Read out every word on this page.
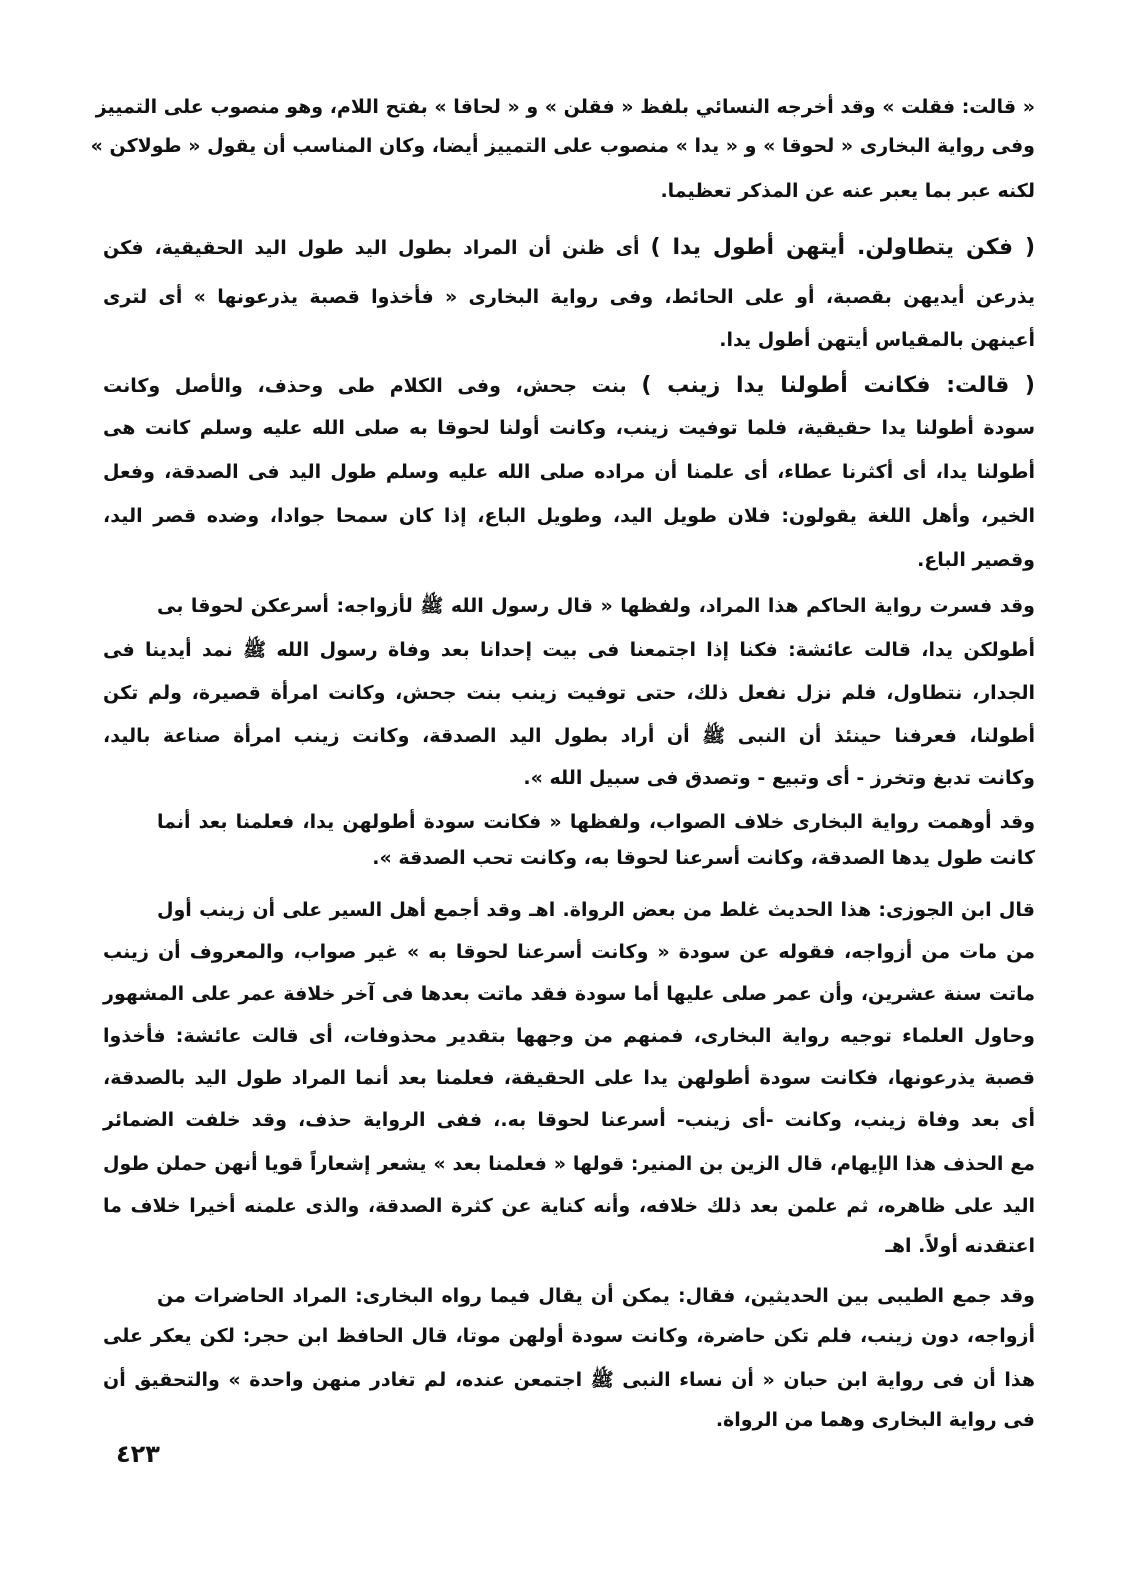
« قالت: فقلت » وقد أخرجه النسائي بلفظ « فقلن » و « لحاقا » بفتح اللام، وهو منصوب على التمييز
وفى رواية البخارى « لحوقا » و « يدا » منصوب على التمييز أيضا، وكان المناسب أن يقول « طولاكن »
لكنه عبر بما يعبر عنه عن المذكر تعظيما.
( فكن يتطاولن. أيتهن أطول يدا ) أى ظنن أن المراد بطول اليد طول اليد الحقيقية، فكن
يذرعن أيديهن بقصبة، أو على الحائط، وفى رواية البخارى « فأخذوا قصبة يذرعونها » أى لترى
أعينهن بالمقياس أيتهن أطول يدا.
( قالت: فكانت أطولنا يدا زينب ) بنت جحش، وفى الكلام طى وحذف، والأصل وكانت
سودة أطولنا يدا حقيقية، فلما توفيت زينب، وكانت أولنا لحوقا به صلى الله عليه وسلم كانت هى
أطولنا يدا، أى أكثرنا عطاء، أى علمنا أن مراده صلى الله عليه وسلم طول اليد فى الصدقة، وفعل
الخير، وأهل اللغة يقولون: فلان طويل اليد، وطويل الباع، إذا كان سمحا جوادا، وضده قصر اليد،
وقصير الباع.
وقد فسرت رواية الحاكم هذا المراد، ولفظها « قال رسول الله ﷺ لأزواجه: أسرعكن لحوقا بى
أطولكن يدا، قالت عائشة: فكنا إذا اجتمعنا فى بيت إحدانا بعد وفاة رسول الله ﷺ نمد أيدينا فى
الجدار، نتطاول، فلم نزل نفعل ذلك، حتى توفيت زينب بنت جحش، وكانت امرأة قصيرة، ولم تكن
أطولنا، فعرفنا حينئذ أن النبى ﷺ أن أراد بطول اليد الصدقة، وكانت زينب امرأة صناعة باليد،
وكانت تدبغ وتخرز - أى وتبيع - وتصدق فى سبيل الله ».
وقد أوهمت رواية البخارى خلاف الصواب، ولفظها « فكانت سودة أطولهن يدا، فعلمنا بعد أنما
كانت طول يدها الصدقة، وكانت أسرعنا لحوقا به، وكانت تحب الصدقة ».
قال ابن الجوزى: هذا الحديث غلط من بعض الرواة. اهـ وقد أجمع أهل السير على أن زينب أول
من مات من أزواجه، فقوله عن سودة « وكانت أسرعنا لحوقا به » غير صواب، والمعروف أن زينب
ماتت سنة عشرين، وأن عمر صلى عليها أما سودة فقد ماتت بعدها فى آخر خلافة عمر على المشهور
وحاول العلماء توجيه رواية البخارى، فمنهم من وجهها بتقدير محذوفات، أى قالت عائشة: فأخذوا
قصبة يذرعونها، فكانت سودة أطولهن يدا على الحقيقة، فعلمنا بعد أنما المراد طول اليد بالصدقة،
أى بعد وفاة زينب، وكانت -أى زينب- أسرعنا لحوقا به.، ففى الرواية حذف، وقد خلفت الضمائر
مع الحذف هذا الإيهام، قال الزين بن المنير: قولها « فعلمنا بعد » يشعر إشعاراً قويا أنهن حملن طول
اليد على ظاهره، ثم علمن بعد ذلك خلافه، وأنه كناية عن كثرة الصدقة، والذى علمنه أخيرا خلاف ما
اعتقدنه أولاً. اهـ
وقد جمع الطيبى بين الحديثين، فقال: يمكن أن يقال فيما رواه البخارى: المراد الحاضرات من
أزواجه، دون زينب، فلم تكن حاضرة، وكانت سودة أولهن موتا، قال الحافظ ابن حجر: لكن يعكر على
هذا أن فى رواية ابن حبان « أن نساء النبى ﷺ اجتمعن عنده، لم تغادر منهن واحدة » والتحقيق أن
فى رواية البخارى وهما من الرواة.
٤٢٣
